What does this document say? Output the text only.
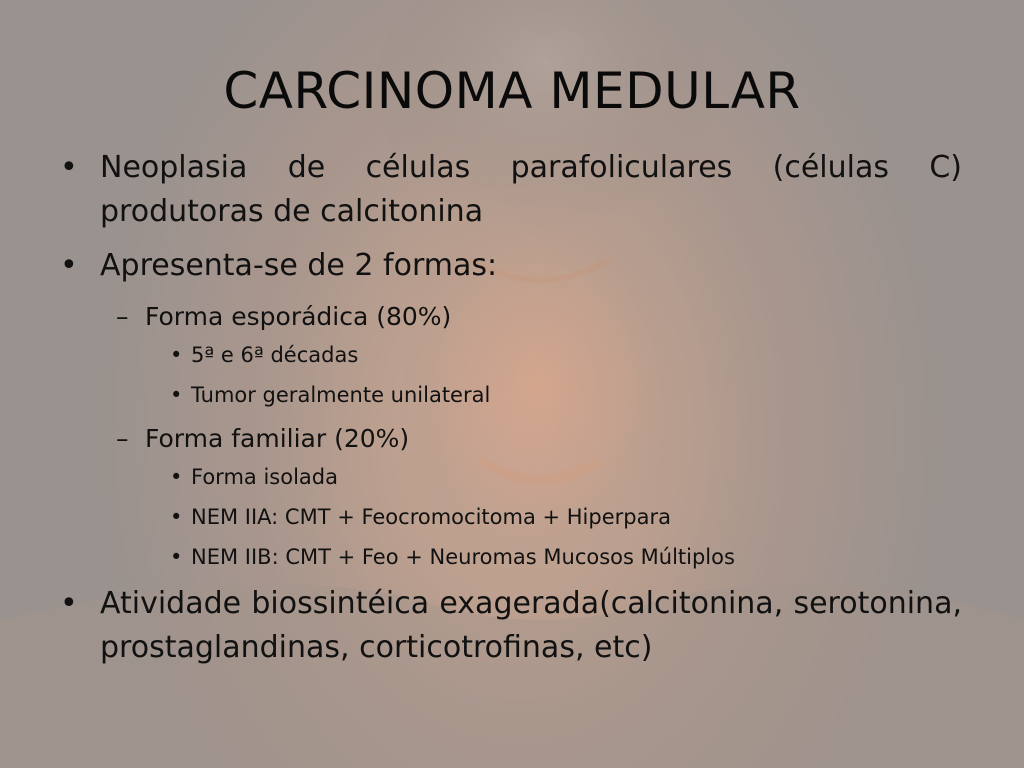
CARCINOMA MEDULAR
• Neoplasia de células parafoliculares (células C) produtoras de calcitonina
• Apresenta-se de 2 formas:
– Forma esporádica (80%)
• 5ª e 6ª décadas
• Tumor geralmente unilateral
– Forma familiar (20%)
• Forma isolada
• NEM IIA: CMT + Feocromocitoma + Hiperpara
• NEM IIB: CMT + Feo + Neuromas Mucosos Múltiplos
• Atividade biossintéica exagerada(calcitonina, serotonina, prostaglandinas, corticotrofinas, etc)
